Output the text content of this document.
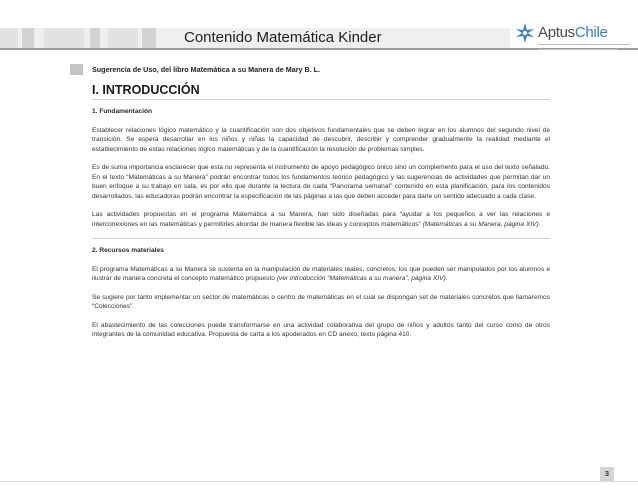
Contenido Matemática Kinder	AptusChile
Sugerencia de Uso, del libro Matemática a su Manera de Mary B. L.
I. INTRODUCCIÓN
1. Fundamentación

Establecer relaciones lógico matemático y la cuantificación son dos objetivos fundamentales que se deben lograr en los alumnos del segundo nivel de transición. Se espera desarrollar en los niños y niñas la capacidad de descubrir, describir y comprender gradualmente la realidad mediante el establecimiento de estas relaciones lógico matemáticas y de la cuantificación la resolución de problemas simples.

Es de suma importancia esclarecer que esta no representa el instrumento de apoyo pedagógico único sino un complemento para el uso del texto señalado. En el texto “Matemáticas a su Manera” podrán encontrar todos los fundamentos teórico pedagógico y las sugerencias de actividades que permitan dar un buen enfoque a su trabajo en sala, es por ello que durante la lectura de cada “Panorama semanal” contenido en esta planificación, para los contenidos desarrollados, las educadoras podrán encontrar la especificación de las páginas a las que deben acceder para darle un sentido adecuado a cada clase.

Las actividades propuestas en el programa Matemática a su Manera, han sido diseñadas para “ayudar a los pequeños a ver las relaciones e interconexiones en las matemáticas y permitirles abordar de manera flexible las ideas y conceptos matemáticos” (Matemáticas a su Manera, página XIV).

2. Recursos materiales

El programa Matemáticas a su Manera se sustenta en la manipulación de materiales reales, concretos, los que pueden ser manipulados por los alumnos e ilustrar de manera concreta el concepto matemático propuesto (ver introducción “Matemáticas a su manera”, página XIV).

Se sugiere por tanto implementar un sector de matemáticas o centro de matemáticas en el cual se dispongan set de materiales concretos que llamaremos “Colecciones”.

El abastecimiento de las colecciones puede transformarse en una actividad colaborativa del grupo de niños y adultos tanto del curso como de otros integrantes de la comunidad educativa. Propuesta de carta a los apoderados en CD anexo, texto página 410.

3
